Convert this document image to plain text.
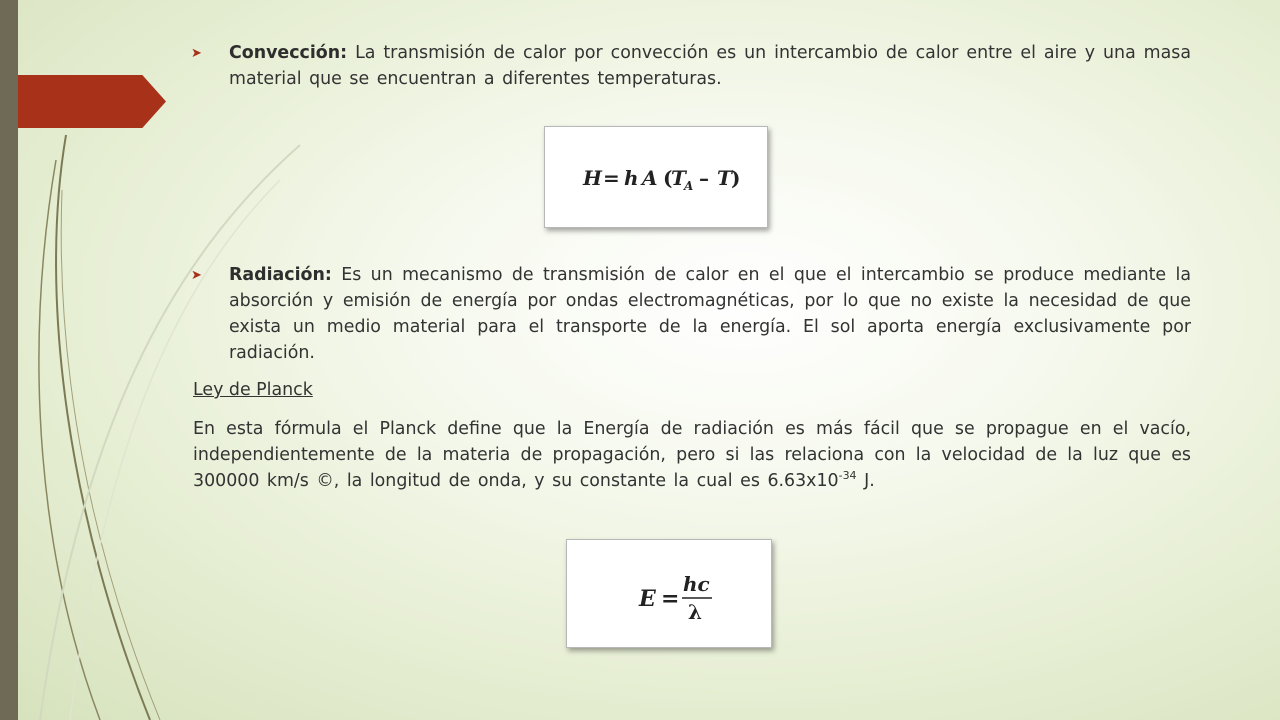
➤	Convección: La transmisión de calor por convección es un intercambio de calor entre el aire y una masa material que se encuentran a diferentes temperaturas.
H = h A (
T
A – T )
➤	Radiación: Es un mecanismo de transmisión de calor en el que el intercambio se produce mediante la absorción y emisión de energía por ondas electromagnéticas, por lo que no existe la necesidad de que exista un medio material para el transporte de la energía. El sol aporta energía exclusivamente por radiación.
Ley de Planck
En esta fórmula el Planck define que la Energía de radiación es más fácil que se propague en el vacío, independientemente de la materia de propagación, pero si las relaciona con la velocidad de la luz que es 300000 km/s ©, la longitud de onda, y su constante la cual es $6.63x10^{-34}$ J.
E =
hc
λ
